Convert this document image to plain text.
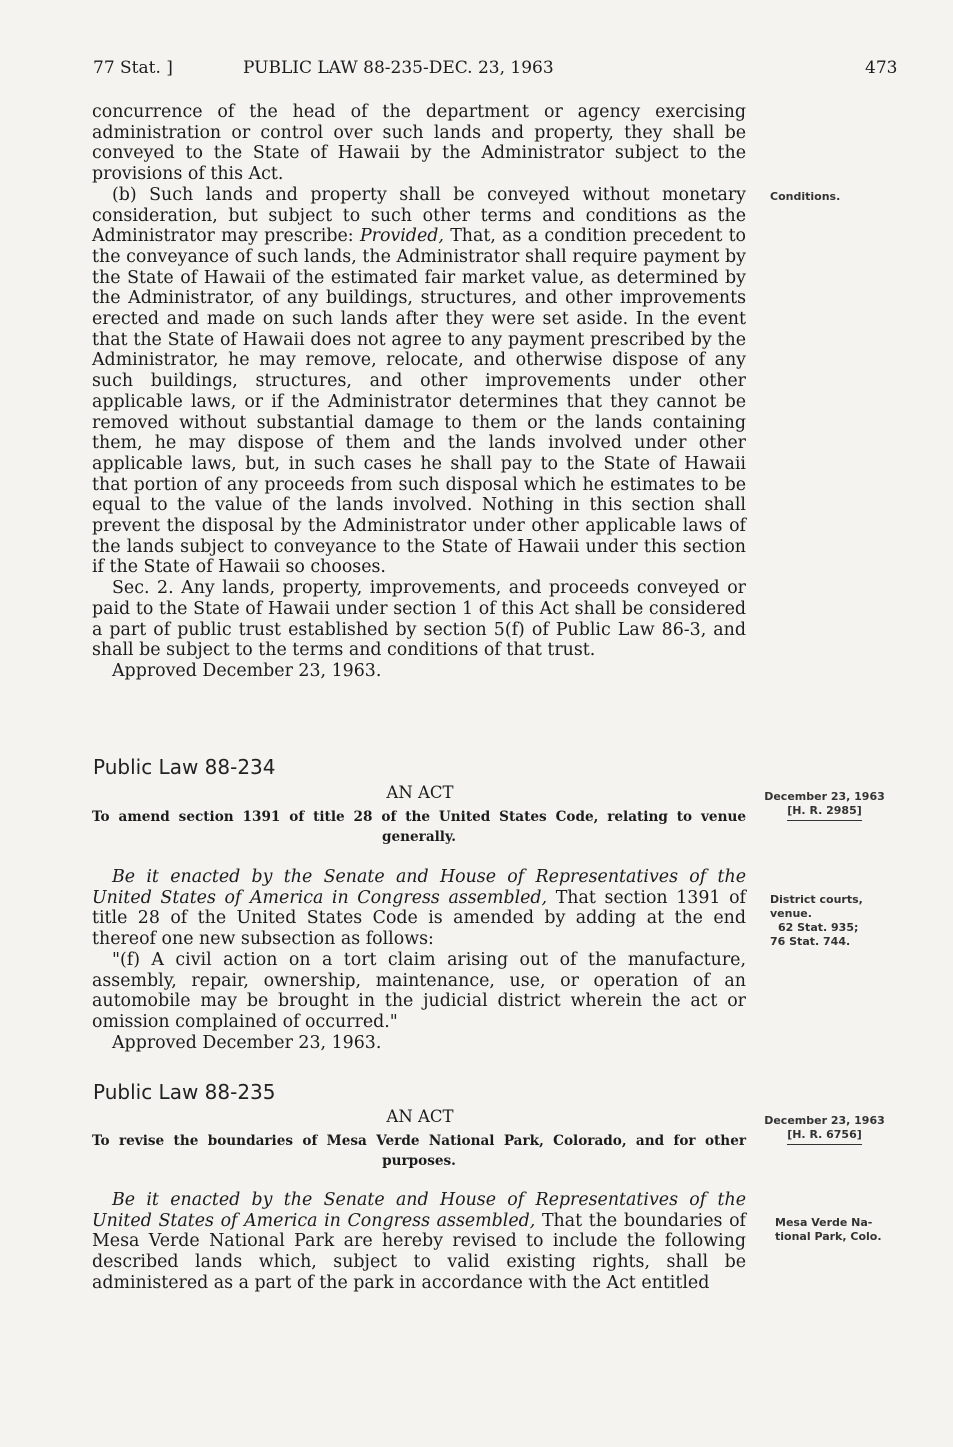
77 Stat. ]	PUBLIC LAW 88-235-DEC. 23, 1963	473

concurrence of the head of the department or agency exercising administration or control over such lands and property, they shall be conveyed to the State of Hawaii by the Administrator subject to the provisions of this Act.

(b) Such lands and property shall be conveyed without monetary consideration, but subject to such other terms and conditions as the Administrator may prescribe: Provided, That, as a condition precedent to the conveyance of such lands, the Administrator shall require payment by the State of Hawaii of the estimated fair market value, as determined by the Administrator, of any buildings, structures, and other improvements erected and made on such lands after they were set aside. In the event that the State of Hawaii does not agree to any payment prescribed by the Administrator, he may remove, relocate, and otherwise dispose of any such buildings, structures, and other improvements under other applicable laws, or if the Administrator determines that they cannot be removed without substantial damage to them or the lands containing them, he may dispose of them and the lands involved under other applicable laws, but, in such cases he shall pay to the State of Hawaii that portion of any proceeds from such disposal which he estimates to be equal to the value of the lands involved. Nothing in this section shall prevent the disposal by the Administrator under other applicable laws of the lands subject to conveyance to the State of Hawaii under this section if the State of Hawaii so chooses.

Sec. 2. Any lands, property, improvements, and proceeds conveyed or paid to the State of Hawaii under section 1 of this Act shall be considered a part of public trust established by section 5(f) of Public Law 86-3, and shall be subject to the terms and conditions of that trust.

Approved December 23, 1963.

Conditions.
Public Law 88-234
AN ACT	December 23, 1963
[H. R. 2985]
To amend section 1391 of title 28 of the United States Code, relating to venue
generally.

Be it enacted by the Senate and House of Representatives of the United States of America in Congress assembled, That section 1391 of title 28 of the United States Code is amended by adding at the end thereof one new subsection as follows:

"(f) A civil action on a tort claim arising out of the manufacture, assembly, repair, ownership, maintenance, use, or operation of an automobile may be brought in the judicial district wherein the act or omission complained of occurred."

Approved December 23, 1963.

District courts,
venue.
62 Stat. 935;
76 Stat. 744.
Public Law 88-235
AN ACT	December 23, 1963
[H. R. 6756]
To revise the boundaries of Mesa Verde National Park, Colorado, and for other
purposes.

Be it enacted by the Senate and House of Representatives of the United States of America in Congress assembled, That the boundaries of Mesa Verde National Park are hereby revised to include the following described lands which, subject to valid existing rights, shall be administered as a part of the park in accordance with the Act entitled

Mesa Verde Na-
tional Park, Colo.
